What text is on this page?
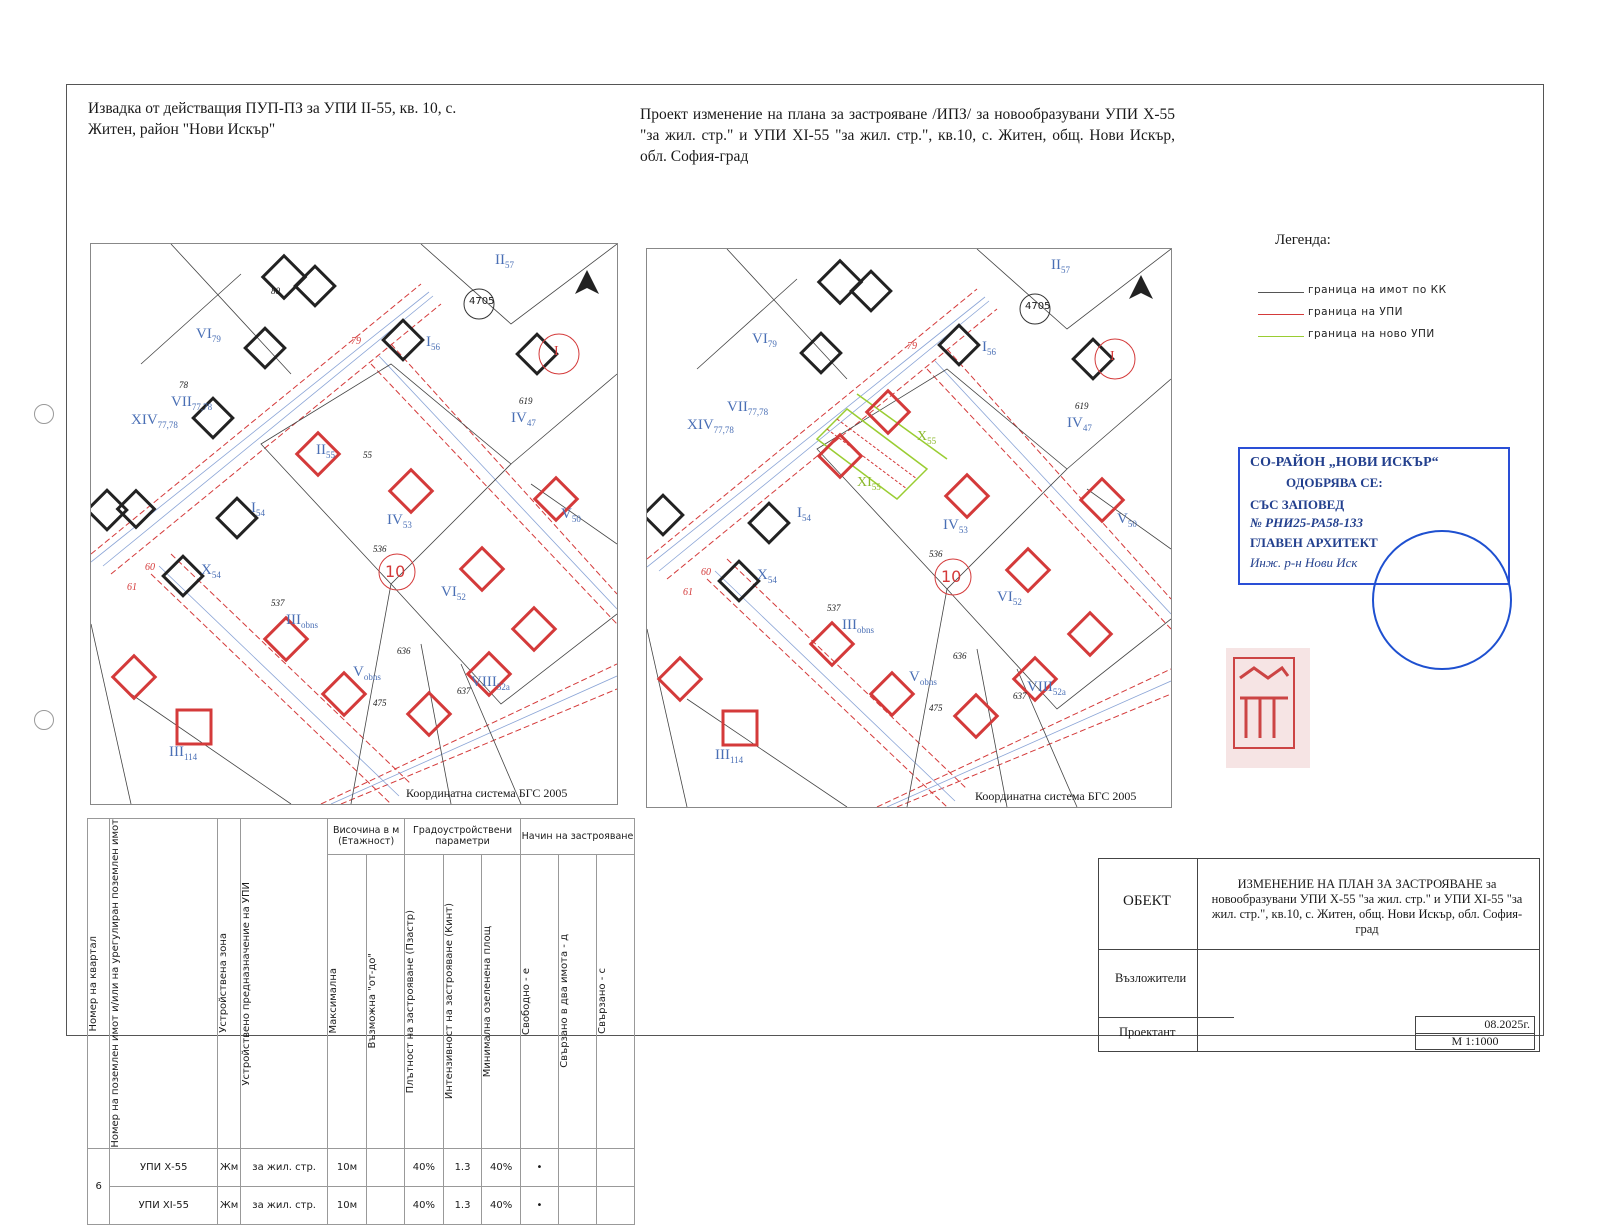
Извадка от действащия ПУП-ПЗ за УПИ II-55, кв. 10, с. Житен, район "Нови Искър"
Проект изменение на плана за застрояване /ИПЗ/ за новообразувани УПИ Х-55 "за жил. стр." и УПИ XI-55 "за жил. стр.", кв.10, с. Житен, общ. Нови Искър, обл. София-град
4705
10
I
$VI_{79}$
$VII_{77,78}$
$XIV_{77,78}$
$II_{55}$
$I_{56}$
$IV_{47}$
$IV_{53}$
$V_{50}$
$VI_{52}$
$III_{obns}$
$V_{obns}$	$VIII_{52a}$
$II_{57}$
$X_{54}$
$I_{54}$
$III_{114}$
80
78
619
536
537
636
475
637
61
60
55
79
Координатна система БГС 2005
4705
10
I
$X_{55}$
$XI_{55}$
$VI_{79}$
$VII_{77,78}$
$XIV_{77,78}$
$I_{56}$
$IV_{47}$
$IV_{53}$
$V_{50}$
$VI_{52}$
$III_{obns}$
$V_{obns}$	$VIII_{52a}$
$II_{57}$
$X_{54}$
$I_{54}$
$III_{114}$
619
536
537
636
475
637
61
60
79
Координатна система БГС 2005
Легенда:
граница на имот по КК
граница на УПИ
граница на ново УПИ
СО-РАЙОН „НОВИ ИСКЪР“
ОДОБРЯВА СЕ:
СЪС ЗАПОВЕД
№ РНИ25-РА58-133
ГЛАВЕН АРХИТЕКТ
Инж. р-н Нови Иск
Номер на квартал	Номер на поземлен имот и/или на урегулиран поземлен имот	Устройствена зона	Устройствено предназначение на УПИ	Височина в м (Етажност)		Градоустройствени параметри			Начин на застрояване		

				Максимална	Възможна "от-до"	Плътност на застрояване (Пзастр)	Интензивност на застрояване (Кинт)	Минимална озеленена площ	Свободно - е	Свързано в два имота - д	Свързано - с

6	УПИ Х-55	Жм	за жил. стр.	10м		40%	1.3	40%	•		
	УПИ XI-55	Жм	за жил. стр.	10м		40%	1.3	40%	•		
ОБЕКТ
ИЗМЕНЕНИЕ НА ПЛАН ЗА ЗАСТРОЯВАНЕ за новообразувани УПИ Х-55 "за жил. стр." и УПИ XI-55 "за жил. стр.", кв.10, с. Житен, общ. Нови Искър, обл. София-град
Възложители
Проектант
08.2025г.
М 1:1000
